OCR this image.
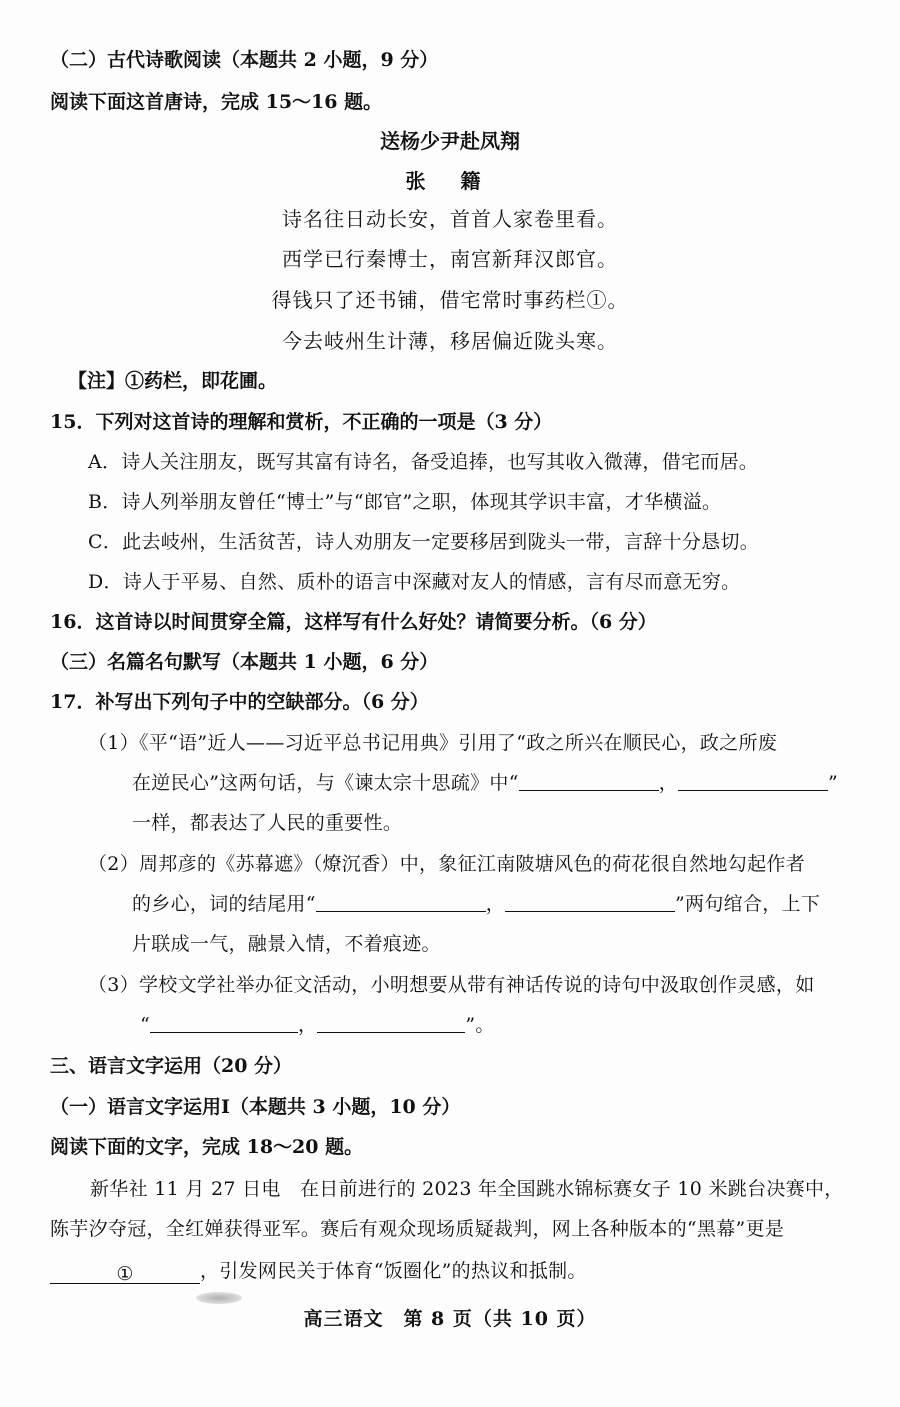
（二）古代诗歌阅读（本题共 2 小题，9 分）
阅读下面这首唐诗，完成 15～16 题。
送杨少尹赴凤翔
张 籍
诗名往日动长安，首首人家卷里看。
西学已行秦博士，南宫新拜汉郎官。
得钱只了还书铺，借宅常时事药栏①。
今去岐州生计薄，移居偏近陇头寒。
【注】①药栏，即花圃。
15．下列对这首诗的理解和赏析，不正确的一项是（3 分）
A．诗人关注朋友，既写其富有诗名，备受追捧，也写其收入微薄，借宅而居。
B．诗人列举朋友曾任“博士”与“郎官”之职，体现其学识丰富，才华横溢。
C．此去岐州，生活贫苦，诗人劝朋友一定要移居到陇头一带，言辞十分恳切。
D．诗人于平易、自然、质朴的语言中深藏对友人的情感，言有尽而意无穷。
16．这首诗以时间贯穿全篇，这样写有什么好处？请简要分析。（6 分）
（三）名篇名句默写（本题共 1 小题，6 分）
17．补写出下列句子中的空缺部分。（6 分）
（1）《平“语”近人——习近平总书记用典》引用了“政之所兴在顺民心，政之所废
在逆民心”这两句话，与《谏太宗十思疏》中“	，	”
一样，都表达了人民的重要性。
（2）周邦彦的《苏幕遮》（燎沉香）中，象征江南陂塘风色的荷花很自然地勾起作者
的乡心，词的结尾用“	，	”两句绾合，上下
片联成一气，融景入情，不着痕迹。
（3）学校文学社举办征文活动，小明想要从带有神话传说的诗句中汲取创作灵感，如
“	，	”。
三、语言文字运用（20 分）
（一）语言文字运用Ⅰ（本题共 3 小题，10 分）
阅读下面的文字，完成 18～20 题。
新华社 11 月 27 日电　在日前进行的 2023 年全国跳水锦标赛女子 10 米跳台决赛中，
陈芋汐夺冠，全红婵获得亚军。赛后有观众现场质疑裁判，网上各种版本的“黑幕”更是
①	，引发网民关于体育“饭圈化”的热议和抵制。
高三语文　第 8 页（共 10 页）
